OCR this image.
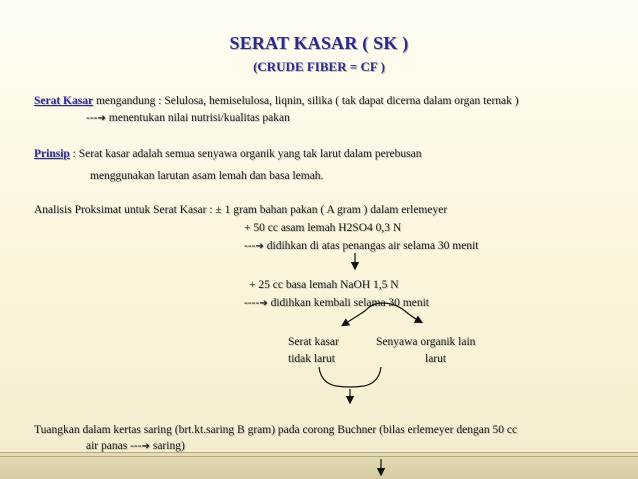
SERAT KASAR ( SK )
(CRUDE FIBER = CF )
Serat Kasar mengandung : Selulosa, hemiselulosa, liqnin, silika ( tak dapat dicerna dalam organ ternak )
---➔ menentukan nilai nutrisi/kualitas pakan
Prinsip : Serat kasar adalah semua senyawa organik yang tak larut dalam perebusan
menggunakan larutan asam lemah dan basa lemah.
Analisis Proksimat untuk Serat Kasar : ± 1 gram bahan pakan ( A gram ) dalam erlemeyer
+ 50 cc asam lemah H2SO4 0,3 N
---➔ didihkan di atas penangas air selama 30 menit
+ 25 cc basa lemah NaOH 1,5 N
----➔ didihkan kembali selama 30 menit
Serat kasar
tidak larut
Senyawa organik lain
larut
Tuangkan dalam kertas saring (brt.kt.saring B gram) pada corong Buchner (bilas erlemeyer dengan 50 cc
air panas ---➔ saring)
